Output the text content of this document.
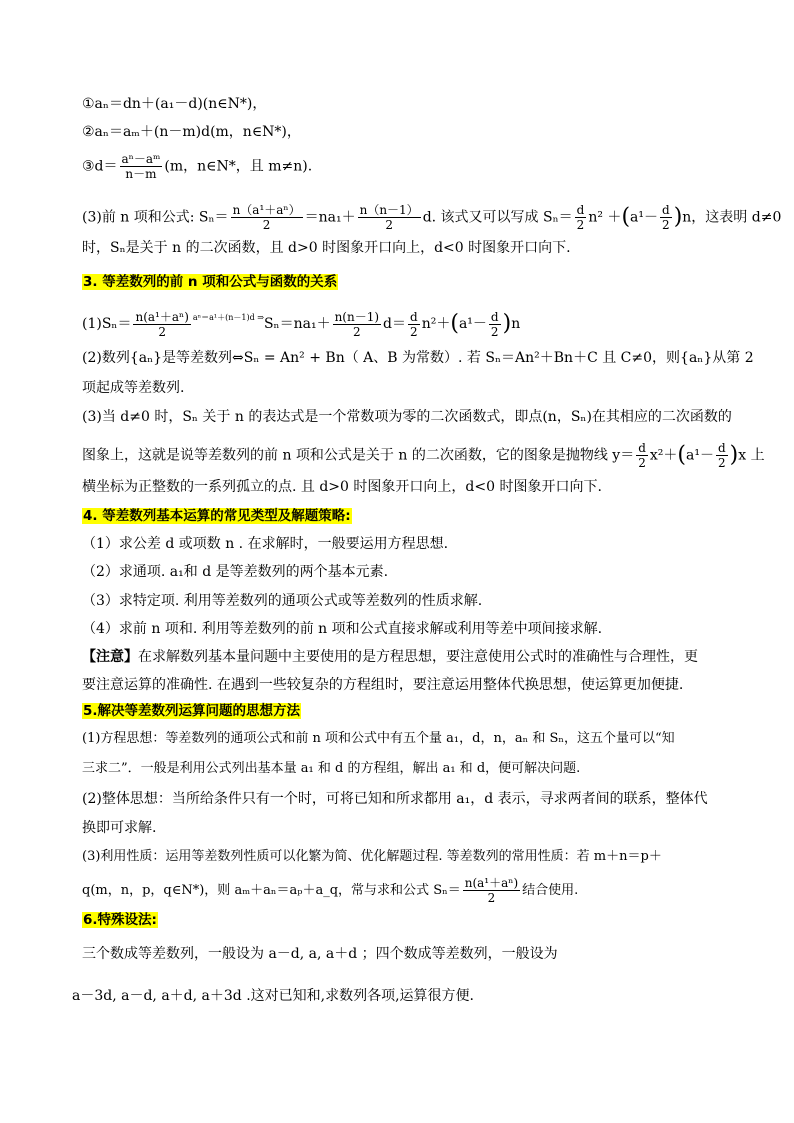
①aₙ＝dn＋(a₁－d)(n∈N*)，
②aₙ＝aₘ＋(n－m)d(m，n∈N*)，
③d＝ $\frac{\text{aⁿ－aᵐ}}{n-m} (m$，n∈N*，且 m≠n).
(3)前 n 项和公式: $S_n= \frac{\text{n（a¹＋aⁿ）}}{2} =na_1+ \frac{n(n-1)}{2} d$. 该式又可以写成 $S_n= \frac{d}{2} n^2 +(a^1- \frac{d}{2} )n$，这表明 d≠0
时，Sₙ是关于 n 的二次函数，且 d>0 时图象开口向上，d<0 时图象开口向下.
3. 等差数列的前 n 项和公式与函数的关系
$(1)S_n= \frac{\text{n(a¹＋aⁿ)}}{2} ^{a^n=a^1+(n-1)d \Rightarrow}S_n=na_1+ \frac{n(n-1)}{2} d= \frac{d}{2} n^2+(a^1- \frac{d}{2} )n$
(2)数列{aₙ}是等差数列⇔Sₙ = An² + Bn（ A、B 为常数）. 若 Sₙ＝An²＋Bn＋C 且 C≠0，则{aₙ}从第 2
项起成等差数列.
(3)当 d≠0 时，Sₙ 关于 n 的表达式是一个常数项为零的二次函数式，即点(n，Sₙ)在其相应的二次函数的
图象上，这就是说等差数列的前 n 项和公式是关于 n 的二次函数，它的图象是抛物线 $y= \frac{d}{2} x^2+(a^1- \frac{d}{2} )x$ 上
横坐标为正整数的一系列孤立的点. 且 d>0 时图象开口向上，d<0 时图象开口向下.
4. 等差数列基本运算的常见类型及解题策略:
（1）求公差 d 或项数 n . 在求解时，一般要运用方程思想.
（2）求通项. a₁和 d 是等差数列的两个基本元素.
（3）求特定项. 利用等差数列的通项公式或等差数列的性质求解.
（4）求前 n 项和. 利用等差数列的前 n 项和公式直接求解或利用等差中项间接求解.
【注意】在求解数列基本量问题中主要使用的是方程思想，要注意使用公式时的准确性与合理性，更
要注意运算的准确性. 在遇到一些较复杂的方程组时，要注意运用整体代换思想，使运算更加便捷.
5.解决等差数列运算问题的思想方法
(1)方程思想：等差数列的通项公式和前 n 项和公式中有五个量 a₁，d，n，aₙ 和 Sₙ，这五个量可以“知
三求二”．一般是利用公式列出基本量 a₁ 和 d 的方程组，解出 a₁ 和 d，便可解决问题.
(2)整体思想：当所给条件只有一个时，可将已知和所求都用 a₁，d 表示，寻求两者间的联系，整体代
换即可求解.
(3)利用性质：运用等差数列性质可以化繁为简、优化解题过程. 等差数列的常用性质：若 m＋n＝p＋
q(m，n，p，q∈N*)，则 aₘ＋aₙ＝aₚ＋a_q，常与求和公式 $S_n= \frac{\text{n(a¹＋aⁿ)}}{2}$ 结合使用.
6.特殊设法:
三个数成等差数列，一般设为 a－d, a, a＋d ；四个数成等差数列，一般设为
a－3d, a－d, a＋d, a＋3d .这对已知和,求数列各项,运算很方便.
